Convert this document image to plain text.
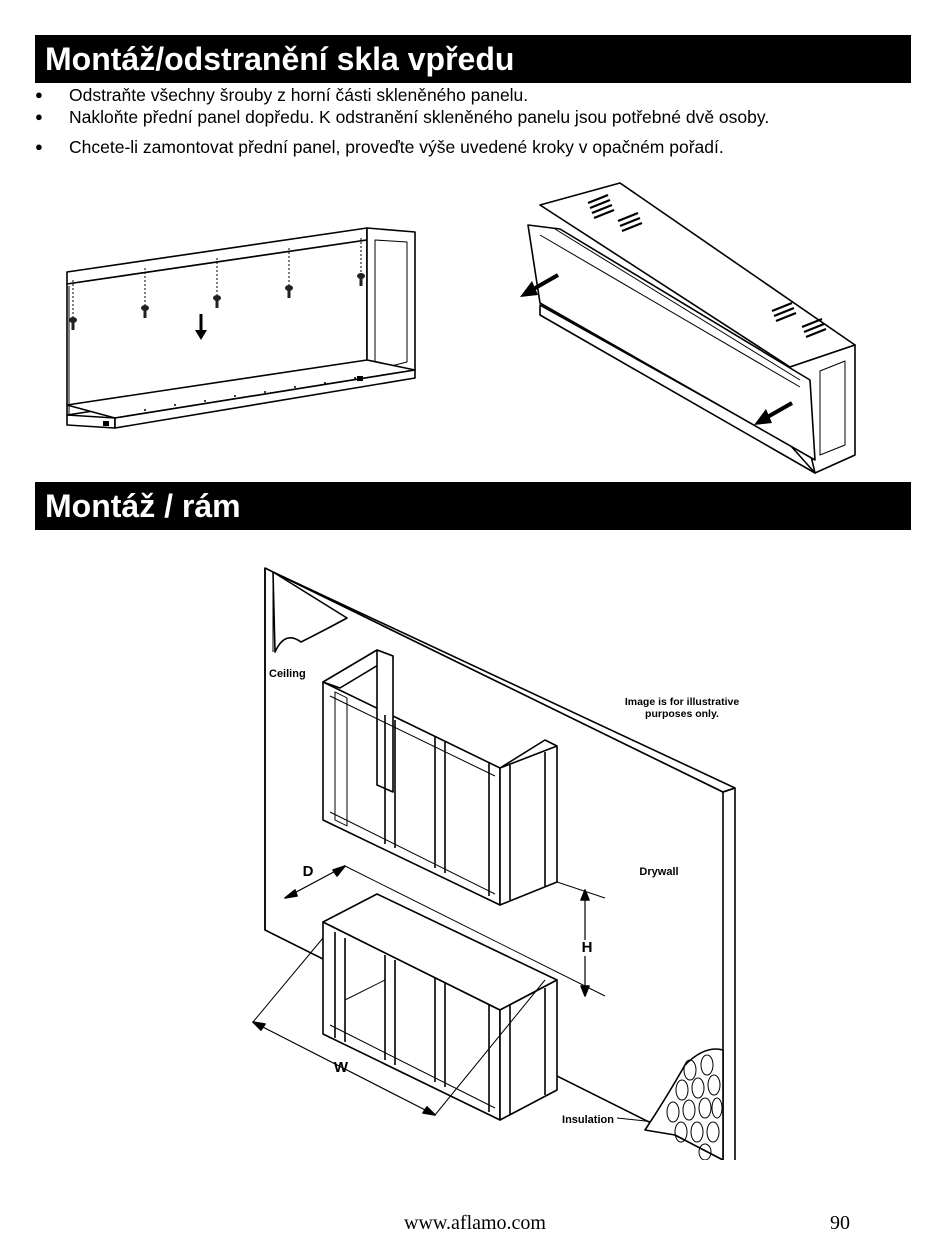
Montáž/odstranění skla vpředu
● Odstraňte všechny šrouby z horní části skleněného panelu.
● Nakloňte přední panel dopředu. K odstranění skleněného panelu jsou potřebné dvě osoby.
● Chcete-li zamontovat přední panel, proveďte výše uvedené kroky v opačném pořadí.
Montáž / rám
Ceiling
Image is for illustrative
purposes only.
Drywall
D
H
W
Insulation
www.aflamo.com	90
